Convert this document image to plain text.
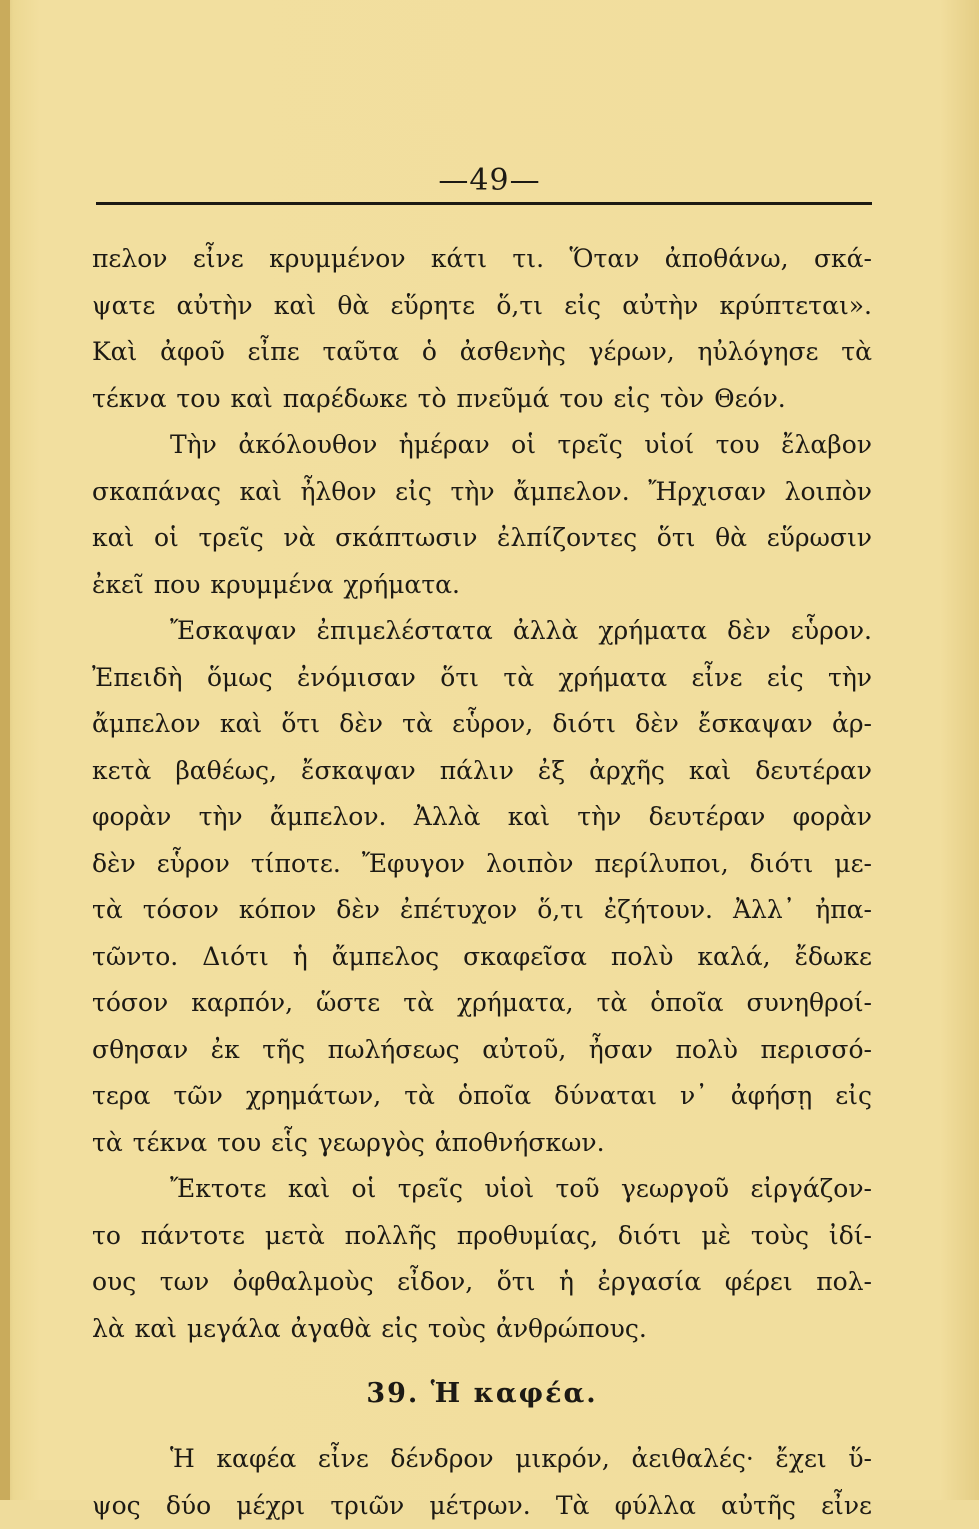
—49—
πελον εἶνε κρυμμένον κάτι τι. Ὅταν ἀποθάνω, σκά-
ψατε αὐτὴν καὶ θὰ εὕρητε ὅ,τι εἰς αὐτὴν κρύπτεται».
Καὶ ἀφοῦ εἶπε ταῦτα ὁ ἀσθενὴς γέρων, ηὐλόγησε τὰ
τέκνα του καὶ παρέδωκε τὸ πνεῦμά του εἰς τὸν Θεόν.
Τὴν ἀκόλουθον ἡμέραν οἱ τρεῖς υἱοί του ἔλαβον
σκαπάνας καὶ ἦλθον εἰς τὴν ἄμπελον. Ἤρχισαν λοιπὸν
καὶ οἱ τρεῖς νὰ σκάπτωσιν ἐλπίζοντες ὅτι θὰ εὕρωσιν
ἐκεῖ που κρυμμένα χρήματα.
Ἔσκαψαν ἐπιμελέστατα ἀλλὰ χρήματα δὲν εὗρον.
Ἐπειδὴ ὅμως ἐνόμισαν ὅτι τὰ χρήματα εἶνε εἰς τὴν
ἄμπελον καὶ ὅτι δὲν τὰ εὗρον, διότι δὲν ἔσκαψαν ἀρ-
κετὰ βαθέως, ἔσκαψαν πάλιν ἐξ ἀρχῆς καὶ δευτέραν
φορὰν τὴν ἄμπελον. Ἀλλὰ καὶ τὴν δευτέραν φορὰν
δὲν εὗρον τίποτε. Ἔφυγον λοιπὸν περίλυποι, διότι με-
τὰ τόσον κόπον δὲν ἐπέτυχον ὅ,τι ἐζήτουν. Ἀλλ᾽ ἠπα-
τῶντο. Διότι ἡ ἄμπελος σκαφεῖσα πολὺ καλά, ἔδωκε
τόσον καρπόν, ὥστε τὰ χρήματα, τὰ ὁποῖα συνηθροί-
σθησαν ἐκ τῆς πωλήσεως αὐτοῦ, ἦσαν πολὺ περισσό-
τερα τῶν χρημάτων, τὰ ὁποῖα δύναται ν᾽ ἀφήσῃ εἰς
τὰ τέκνα του εἷς γεωργὸς ἀποθνήσκων.
Ἔκτοτε καὶ οἱ τρεῖς υἱοὶ τοῦ γεωργοῦ εἰργάζον-
το πάντοτε μετὰ πολλῆς προθυμίας, διότι μὲ τοὺς ἰδί-
ους των ὀφθαλμοὺς εἶδον, ὅτι ἡ ἐργασία φέρει πολ-
λὰ καὶ μεγάλα ἀγαθὰ εἰς τοὺς ἀνθρώπους.
39. Ἡ καφέα.
Ἡ καφέα εἶνε δένδρον μικρόν, ἀειθαλές· ἔχει ὕ-
ψος δύο μέχρι τριῶν μέτρων. Τὰ φύλλα αὐτῆς εἶνε
